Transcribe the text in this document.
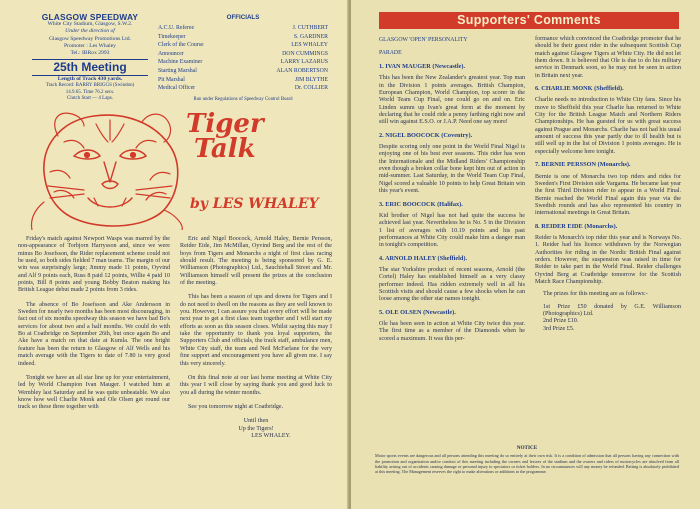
GLASGOW SPEEDWAY
White City Stadium, Glasgow, S.W.2.
Under the direction of
Glasgow Speedway Promotions Ltd.
Promoter : Les Whaley
Tel.: IBRox 2993
25th Meeting
Length of Track 430 yards.
Track Record: BARRY BRIGGS (Swindon)
14.9.65. Time 76.2 secs.
Clutch Start — 4 Laps.
OFFICIALS
A.C.U. Referee	J. CUTHBERT
Timekeeper	S. GARDNER
Clerk of the Course	LES WHALEY
Announcer	DON CUMMINGS
Machine Examiner	LARRY LAZARUS
Starting Marshal	ALAN ROBERTSON
Pit Marshal	JIM BLYTHE
Medical Officer	Dr. COLLIER
Run under Regulations of Speedway Control Board
Tiger
Talk
by LES WHALEY

Friday's match against Newport Wasps was marred by the non-appearance of Torbjorn Harrysson and, since we were minus Bo Josefsson, the Rider replacement scheme could not be used, so both sides fielded 7 man teams. The margin of our win was surprisingly large; Jimmy made 11 points, Oyvind and Alf 9 points each, Russ 8 paid 12 points, Willie 4 paid 10 points, Bill 8 points and young Bobby Beaton making his British League debut made 2 points from 3 rides.

The absence of Bo Josefsson and Ake Andersson in Sweden for nearly two months has been most discouraging, in fact out of six months speedway this season we have had Bo's services for about two and a half months. We could do with Bo at Coatbridge on September 26th, but once again Bo and Ake have a match on that date at Kumla. The one bright feature has been the return to Glasgow of Alf Wells and his match average with the Tigers to date of 7.80 is very good indeed.

Tonight we have an all star line up for your entertainment, led by World Champion Ivan Mauger. I watched him at Wembley last Saturday and he was quite unbeatable. We also know how well Charlie Monk and Ole Olsen get round our track so these three together with

Eric and Nigel Boocock, Arnold Haley, Bernie Persson, Reider Eide, Jim McMillan, Oyvind Berg and the rest of the boys from Tigers and Monarchs a night of first class racing should result. The meeting is being sponsored by G. E. Williamson (Photographics) Ltd., Sauchiehall Street and Mr. Williamson himself will present the prizes at the conclusion of the meeting.

This has been a season of ups and downs for Tigers and I do not need to dwell on the reasons as they are well known to you. However, I can assure you that every effort will be made next year to get a first class team together and I will start my efforts as soon as this season closes. Whilst saying this may I take the opportunity to thank you loyal supporters, the Supporters Club and officials, the track staff, ambulance men, White City staff, the team and Neil McFarlane for the very fine support and encouragement you have all given me. I say this very sincerely.

On this final note at our last home meeting at White City this year I will close by saying thank you and good luck to you all during the winter months.

See you tomorrow night at Coatbridge.

Until then
Up the Tigers!
LES WHALEY.
Supporters' Comments
GLASGOW 'OPEN' PERSONALITY
PARADE

1. IVAN MAUGER (Newcastle).

This has been the New Zealander's greatest year. Top man in the Division 1 points averages. British Champion, European Champion, World Champion, top scorer in the World Team Cup Final, one could go on and on. Eric Linden summ up Ivan's great form at the moment by declaring that he could ride a penny farthing right now and still win against E.S.O. or J.A.P. Need one say more!

2. NIGEL BOOCOCK (Coventry).

Despite scoring only one point in the World Final Nigel is enjoying one of his best ever seasons. This rider has won the Internationale and the Midland Riders' Championship even though a broken collar bone kept him out of action in mid-summer. Last Saturday, in the World Team Cup Final, Nigel scored a valuable 10 points to help Great Britain win this year's event.

3. ERIC BOOCOCK (Halifax).

Kid brother of Nigel has not had quite the success he achieved last year. Nevertheless he is No. 5 in the Division 1 list of averages with 10.19 points and his past performances at White City could make him a danger man in tonight's competition.

4. ARNOLD HALEY (Sheffield).

The star Yorkshire product of recent seasons, Arnold (the Cortel) Haley has established himself as a very classy performer indeed. Has ridden extremely well in all his Scottish visits and should cause a few shocks when he can loose among the other star names tonight.

5. OLE OLSEN (Newcastle).

Ole has been seen in action at White City twice this year. The first time as a member of the Diamonds when he scored a maximum. It was this per-

formance which convinced the Coatbridge promoter that he should be their guest rider in the subsequent Scottish Cup match against Glasgow Tigers at White City. He did not let them down. It is believed that Ole is due to do his military service in Denmark soon, so he may not be seen in action in Britain next year.

6. CHARLIE MONK (Sheffield).

Charlie needs no introduction to White City fans. Since his move to Sheffield this year Charlie has returned to White City for the British League Match and Northern Riders Championships. He has guested for us with great success against Prague and Monarchs. Charlie has not had his usual amount of success this year partly due to ill health but is still well up in the list of Division 1 points averages. He is especially welcome here tonight.

7. BERNIE PERSSON (Monarchs).

Bernie is one of Monarchs two top riders and rides for Sweden's First Division side Vargarna. He became last year the first Third Division rider to appear in a World Final. Bernie reached the World Final again this year via the Swedish rounds and has also represented his country in international meetings in Great Britain.

8. REIDER EIDE (Monarchs).

Reider is Monarch's top rider this year and is Norways No. 1. Reider had his licence withdrawn by the Norwegian Authorities for riding in the Nordic British Final against orders. However, the suspension was raised in time for Reider to take part in the World Final. Reider challenges Oyvind Berg at Coatbridge tomorrow for the Scottish Match Race Championship.

The prizes for this meeting are as follows:-

1st Prize £50 donated by G.E. Williamson (Photographics) Ltd.
2nd Prize £10.
3rd Prize £5.
NOTICE
Motor sports events are dangerous and all persons attending this meeting do so entirely at their own risk. It is a condition of admission that all persons having any connection with the promotion and organisation and/or conduct of this meeting including the owners and lessees of the stadium and the owners and riders of motorcycles are absolved from all liability arising out of accidents causing damage or personal injury to spectators or ticket holders. In no circumstances will any money be refunded. Betting is absolutely prohibited at this meeting. The Management reserves the right to make alterations or additions to the programme.
